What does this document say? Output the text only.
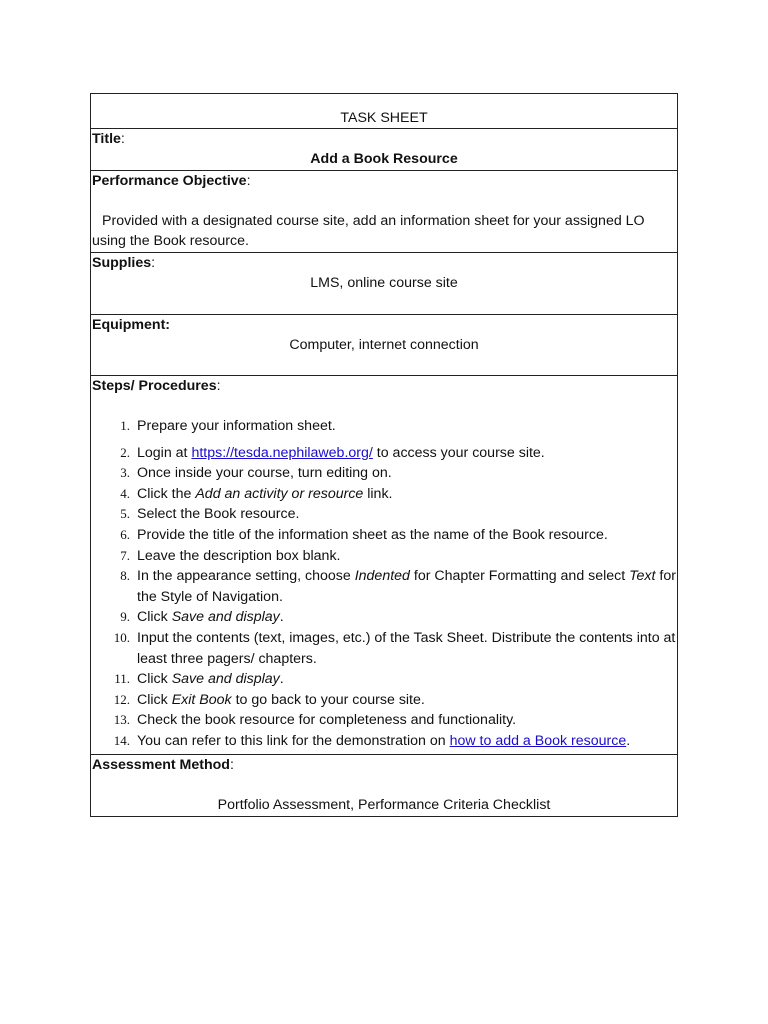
TASK SHEET

Title:
Add a Book Resource

Performance Objective:
Provided with a designated course site, add an information sheet for your assigned LO using the Book resource.

Supplies:
LMS, online course site

Equipment:
Computer, internet connection

Steps/ Procedures:
1. Prepare your information sheet.
2. Login at https://tesda.nephilaweb.org/ to access your course site.
3. Once inside your course, turn editing on.
4. Click the Add an activity or resource link.
5. Select the Book resource.
6. Provide the title of the information sheet as the name of the Book resource.
7. Leave the description box blank.
8. In the appearance setting, choose Indented for Chapter Formatting and select Text for the Style of Navigation.
9. Click Save and display.
10. Input the contents (text, images, etc.) of the Task Sheet. Distribute the contents into at least three pagers/ chapters.
11. Click Save and display.
12. Click Exit Book to go back to your course site.
13. Check the book resource for completeness and functionality.
14. You can refer to this link for the demonstration on how to add a Book resource.

Assessment Method:
Portfolio Assessment, Performance Criteria Checklist
